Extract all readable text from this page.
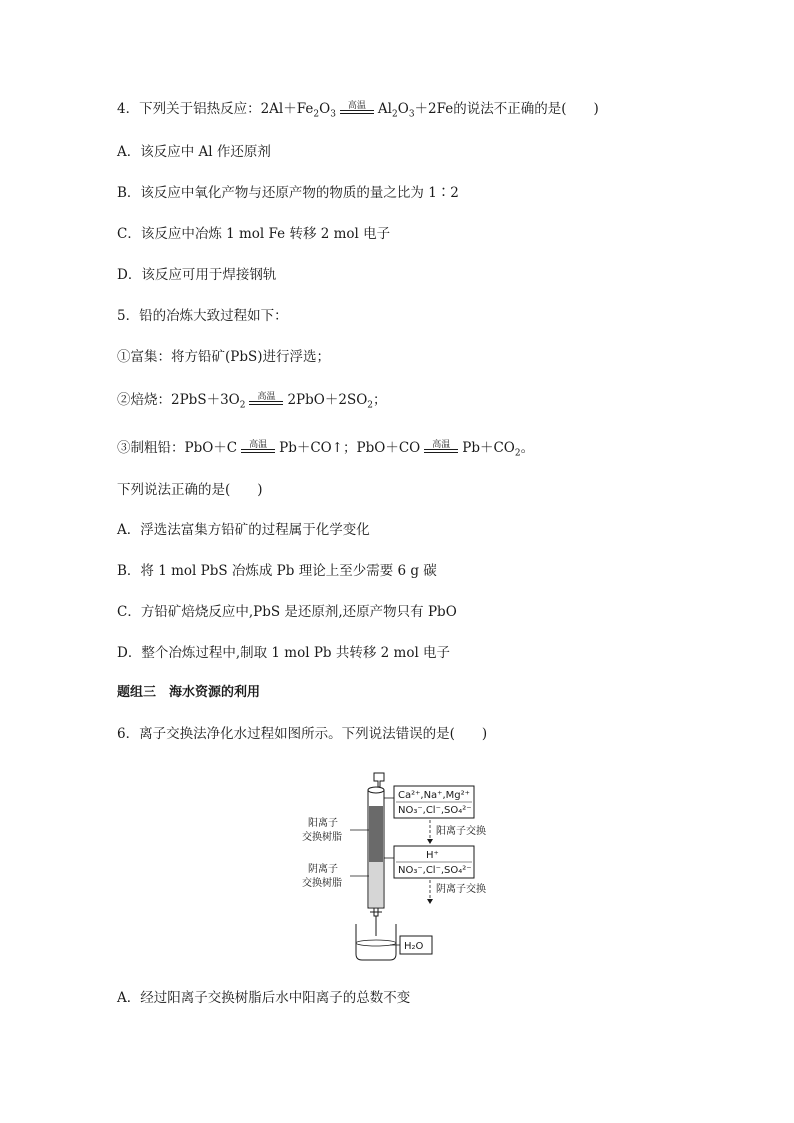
4．下列关于铝热反应：$2Al+Fe_2O_3$
高温 $Al_2O_3+2Fe$的说法不正确的是(　　)
A．该反应中 Al 作还原剂
B．该反应中氧化产物与还原产物的物质的量之比为 1∶2
C．该反应中冶炼 1 mol Fe 转移 2 mol 电子
D．该反应可用于焊接钢轨
5．铅的冶炼大致过程如下：
①富集：将方铅矿(PbS)进行浮选；
②焙烧：$2PbS+3O_2$
高温 $2PbO+2SO_2$；
③制粗铅：PbO＋C	高温 Pb＋CO↑；PbO＋CO	高温 $Pb+CO_2$。
下列说法正确的是(　　)
A．浮选法富集方铅矿的过程属于化学变化
B．将 1 mol PbS 冶炼成 Pb 理论上至少需要 6 g 碳
C．方铅矿焙烧反应中,PbS 是还原剂,还原产物只有 PbO
D．整个冶炼过程中,制取 1 mol Pb 共转移 2 mol 电子
题组三　海水资源的利用
6．离子交换法净化水过程如图所示。下列说法错误的是(　　)
阳离子
交换树脂
阴离子
交换树脂
Ca²⁺,Na⁺,Mg²⁺
NO₃⁻,Cl⁻,SO₄²⁻
阳离子交换
H⁺
NO₃⁻,Cl⁻,SO₄²⁻
阴离子交换
H₂O
A．经过阳离子交换树脂后水中阳离子的总数不变
